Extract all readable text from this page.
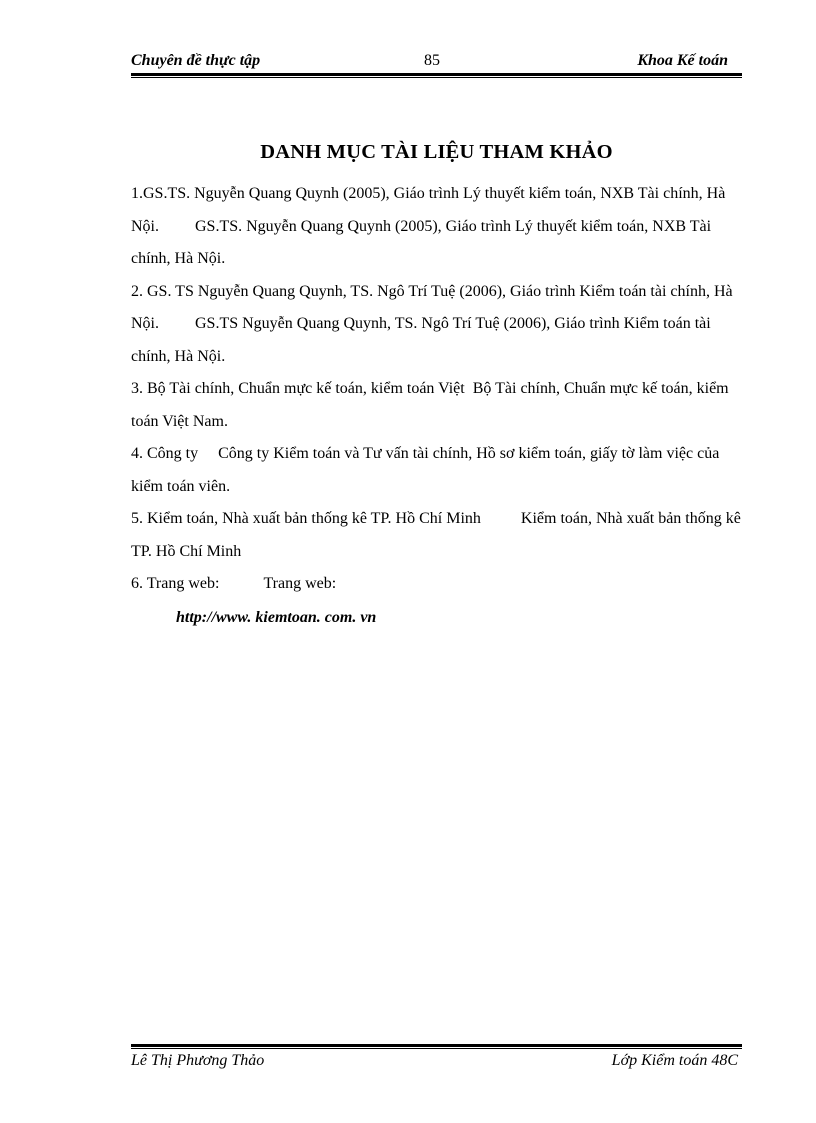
Chuyên đề thực tập	85	Khoa Kế toán
DANH MỤC TÀI LIỆU THAM KHẢO

1.GS.TS. Nguyễn Quang Quynh (2005), Giáo trình Lý thuyết kiểm toán, NXB Tài chính, Hà Nội. GS.TS. Nguyễn Quang Quynh (2005), Giáo trình Lý thuyết kiểm toán, NXB Tài chính, Hà Nội.

2. GS. TS Nguyễn Quang Quynh, TS. Ngô Trí Tuệ (2006), Giáo trình Kiểm toán tài chính, Hà Nội. GS.TS Nguyễn Quang Quynh, TS. Ngô Trí Tuệ (2006), Giáo trình Kiểm toán tài chính, Hà Nội.

3. Bộ Tài chính, Chuẩn mực kế toán, kiểm toán Việt Bộ Tài chính, Chuẩn mực kế toán, kiểm toán Việt Nam.

4. Công ty Công ty Kiểm toán và Tư vấn tài chính, Hồ sơ kiểm toán, giấy tờ làm việc của kiểm toán viên.

5. Kiểm toán, Nhà xuất bản thống kê TP. Hồ Chí Minh	Kiểm toán, Nhà xuất bản thống kê TP. Hồ Chí Minh

6. Trang web:	Trang web:

http://www. kiemtoan. com. vn
Lê Thị Phương Thảo	Lớp Kiểm toán 48C
